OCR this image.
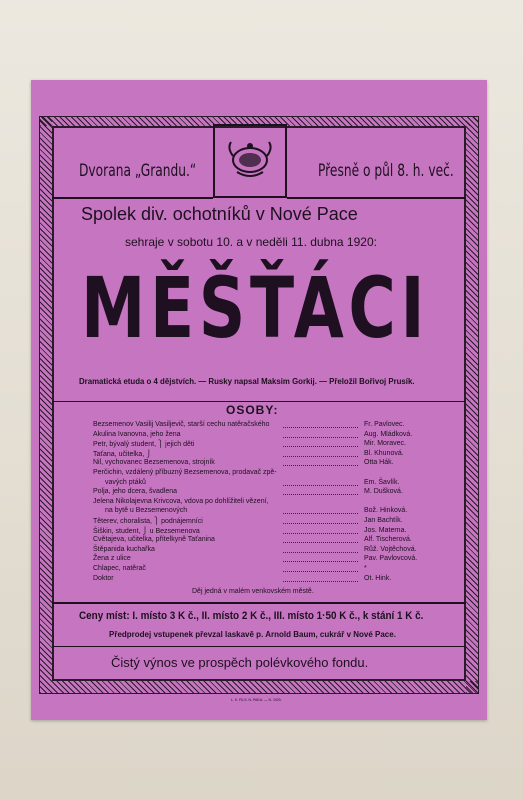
Dvorana „Grandu.“	Přesně o půl 8. h. več.
Spolek div. ochotníků v Nové Pace
sehraje v sobotu 10. a v neděli 11. dubna 1920:
MĚŠŤÁCI
Dramatická etuda o 4 dějstvích. — Rusky napsal Maksim Gorkij. — Přeložil Bořivoj Prusík.
OSOBY:
Bezsemenov Vasilij Vasiljevič, starší cechu natěračského	Fr. Pavlovec.
Akulina Ivanovna, jeho žena	Aug. Mládková.
Petr, bývalý student, ⎫ jejich děti	Mir. Moravec.
Taťana, učitelka, ⎭	Bl. Khunová.
Nil, vychovanec Bezsemenova, strojník	Otta Hák.
Perčichin, vzdálený příbuzný Bezsemenova, prodavač zpě-
vavých ptáků	Em. Šavlík.
Polja, jeho dcera, švadlena	M. Dušková.
Jelena Nikolajevna Krivcova, vdova po dohlížiteli vězení,
na bytě u Bezsemenových	Bož. Hinková.
Těterev, choralista, ⎫ podnájemníci	Jan Bachtík.
Šiškin, student, ⎭ u Bezsemenova	Jos. Materna.
Cvětajeva, učitelka, přítelkyně Taťanina	Alf. Tischerová.
Štěpanida kuchařka	Růž. Vojtěchová.
Žena z ulice	Pav. Pavlovcová.
Chlapec, natěrač	*
Doktor	Ot. Hink.
Děj jedná v malém venkovském městě.
Ceny míst: I. místo 3 K č., II. místo 2 K č., III. místo 1·50 K č., k stání 1 K č.
Předprodej vstupenek převzal laskavě p. Arnold Baum, cukrář v Nové Pace.
Čistý výnos ve prospěch polévkového fondu.
L. K. FILS. N. PAKA. — N. 1920.
